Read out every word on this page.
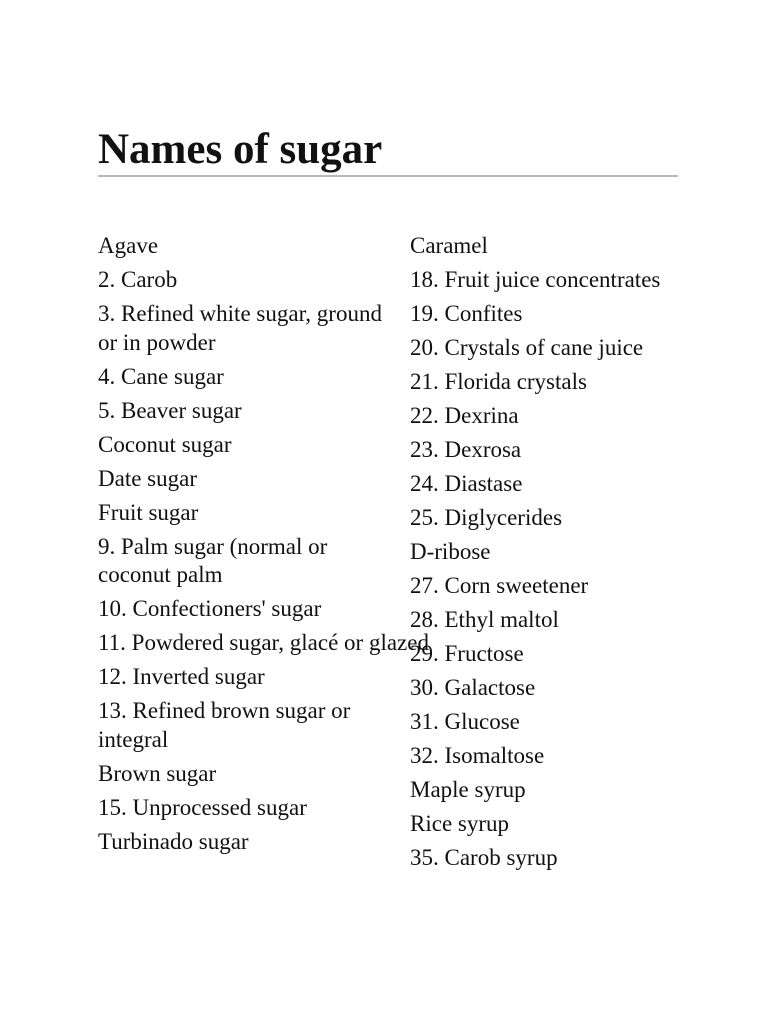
Names of sugar
Agave
2. Carob
3. Refined white sugar, ground or in powder
4. Cane sugar
5. Beaver sugar
Coconut sugar
Date sugar
Fruit sugar
9. Palm sugar (normal or coconut palm
10. Confectioners' sugar
11. Powdered sugar, glacé or glazed
12. Inverted sugar
13. Refined brown sugar or integral
Brown sugar
15. Unprocessed sugar
Turbinado sugar
Caramel
18. Fruit juice concentrates
19. Confites
20. Crystals of cane juice
21. Florida crystals
22. Dexrina
23. Dexrosa
24. Diastase
25. Diglycerides
D-ribose
27. Corn sweetener
28. Ethyl maltol
29. Fructose
30. Galactose
31. Glucose
32. Isomaltose
Maple syrup
Rice syrup
35. Carob syrup
